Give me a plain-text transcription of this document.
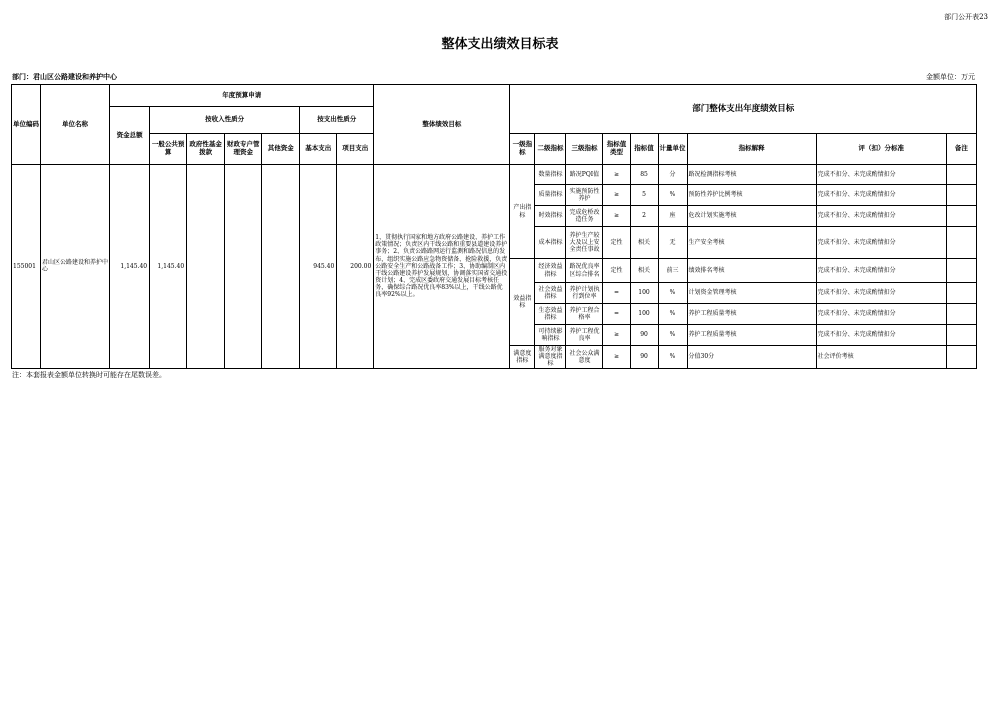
部门公开表23
整体支出绩效目标表
部门：君山区公路建设和养护中心	金额单位：万元
单位编码	单位名称	年度预算申请							整体绩效目标	部门整体支出年度绩效目标								
		资金总额	按收入性质分				按支出性质分											
			一般公共预算	政府性基金拨款	财政专户管理资金	其他资金	基本支出	项目支出		一级指标	二级指标	三级指标	指标值类型	指标值	计量单位	指标解释	评（扣）分标准	备注
155001	君山区公路建设和养护中心	1,145.40	1,145.40				945.40	200.00	1、贯彻执行国家和地方政府公路建设、养护工作政策情况；负责区内干线公路和重要县道建设养护事务；2、负责公路路网运行监测和路况信息的发布，组织实施公路应急物资储备、抢险救援，负责公路安全生产和公路战备工作；3、协助编制区内干线公路建设养护发展规划，协调落实国省交通投资计划；4、完成区委政府交通发展目标考核任务，确保综合路况优良率83%以上，干线公路优良率92%以上。	产出指标	数量指标	路况PQI值	≥	85	分	路况检测指标考核	完成不扣分、未完成酌情扣分	
											质量指标	实施预防性养护	≥	5	%	预防性养护比例考核	完成不扣分、未完成酌情扣分	
											时效指标	完成危桥改造任务	≥	2	座	危改计划实施考核	完成不扣分、未完成酌情扣分	
											成本指标	养护生产较大及以上安全责任事故	定性	相关	无	生产安全考核	完成不扣分、未完成酌情扣分	
										效益指标	经济效益指标	路况优良率区综合排名	定性	相关	前三	绩效排名考核	完成不扣分、未完成酌情扣分	
											社会效益指标	养护计划执行到位率	=	100	%	计划资金管理考核	完成不扣分、未完成酌情扣分	
											生态效益指标	养护工程合格率	=	100	%	养护工程质量考核	完成不扣分、未完成酌情扣分	
											可持续影响指标	养护工程优良率	≥	90	%	养护工程质量考核	完成不扣分、未完成酌情扣分	
										满意度指标	服务对象满意度指标	社会公众满意度	≥	90	%	分值30分	社会评价考核	
注：本套报表金额单位转换时可能存在尾数误差。
